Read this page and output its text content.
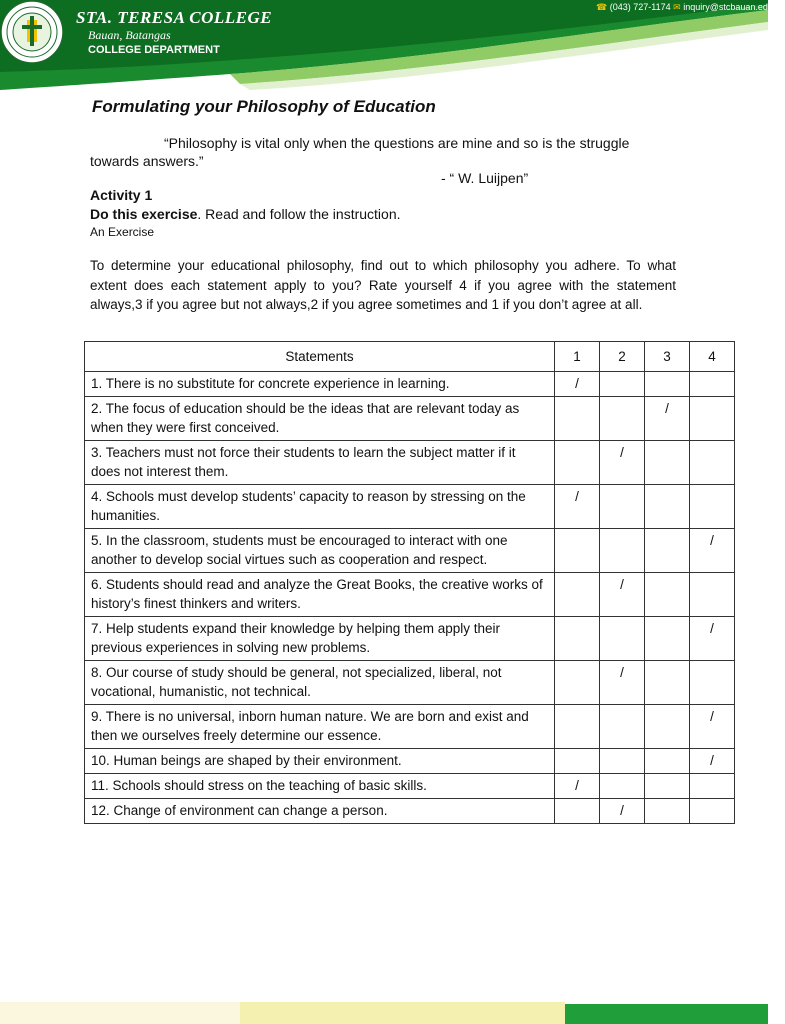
STA. TERESA COLLEGE
Bauan, Batangas
COLLEGE DEPARTMENT
☎ (043) 727-1174 ✉ inquiry@stcbauan.edu.ph
Formulating your Philosophy of Education
“Philosophy is vital only when the questions are mine and so is the struggle towards answers.”
- “ W. Luijpen”
Activity 1
Do this exercise. Read and follow the instruction.
An Exercise
To determine your educational philosophy, find out to which philosophy you adhere. To what extent does each statement apply to you? Rate yourself 4 if you agree with the statement always,3 if you agree but not always,2 if you agree sometimes and 1 if you don’t agree at all.
Statements	1	2	3	4
1. There is no substitute for concrete experience in learning.	/			
2. The focus of education should be the ideas that are relevant today as when they were first conceived.			/	
3. Teachers must not force their students to learn the subject matter if it does not interest them.		/		
4. Schools must develop students’ capacity to reason by stressing on the humanities.	/			
5. In the classroom, students must be encouraged to interact with one another to develop social virtues such as cooperation and respect.				/
6. Students should read and analyze the Great Books, the creative works of history’s finest thinkers and writers.		/		
7. Help students expand their knowledge by helping them apply their previous experiences in solving new problems.				/
8. Our course of study should be general, not specialized, liberal, not vocational, humanistic, not technical.		/		
9. There is no universal, inborn human nature. We are born and exist and then we ourselves freely determine our essence.				/
10. Human beings are shaped by their environment.				/
11. Schools should stress on the teaching of basic skills.	/			
12. Change of environment can change a person.		/		
